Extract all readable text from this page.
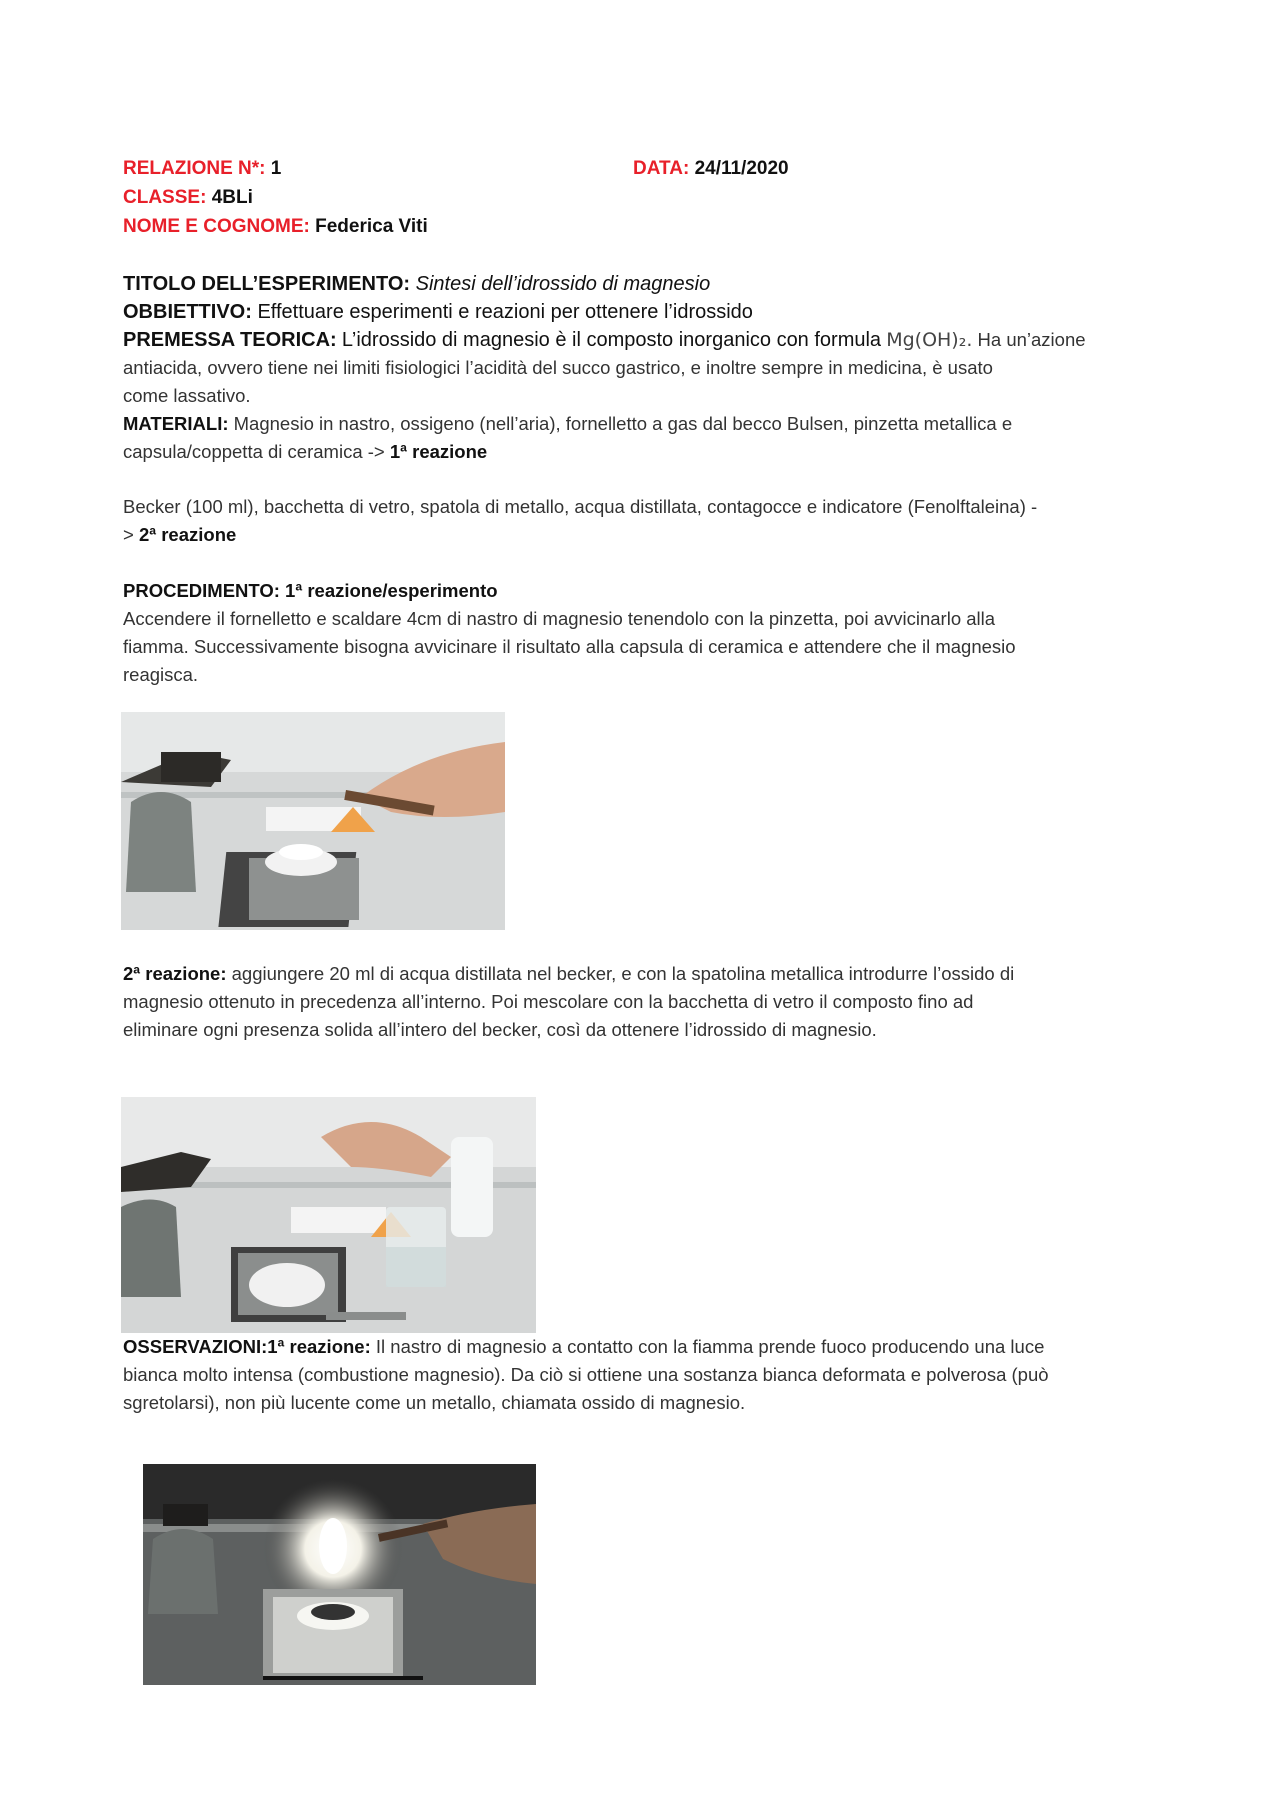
RELAZIONE N*: 1	DATA: 24/11/2020
CLASSE: 4BLi
NOME E COGNOME: Federica Viti
TITOLO DELL’ESPERIMENTO: Sintesi dell’idrossido di magnesio
OBBIETTIVO: Effettuare esperimenti e reazioni per ottenere l’idrossido
PREMESSA TEORICA: L’idrossido di magnesio è il composto inorganico con formula Mg(OH)₂. Ha un’azione
antiacida, ovvero tiene nei limiti fisiologici l’acidità del succo gastrico, e inoltre sempre in medicina, è usato
come lassativo.
MATERIALI: Magnesio in nastro, ossigeno (nell’aria), fornelletto a gas dal becco Bulsen, pinzetta metallica e
capsula/coppetta di ceramica -> 1ª reazione
Becker (100 ml), bacchetta di vetro, spatola di metallo, acqua distillata, contagocce e indicatore (Fenolftaleina) -
> 2ª reazione
PROCEDIMENTO: 1ª reazione/esperimento
Accendere il fornelletto e scaldare 4cm di nastro di magnesio tenendolo con la pinzetta, poi avvicinarlo alla
fiamma. Successivamente bisogna avvicinare il risultato alla capsula di ceramica e attendere che il magnesio
reagisca.
2ª reazione: aggiungere 20 ml di acqua distillata nel becker, e con la spatolina metallica introdurre l’ossido di
magnesio ottenuto in precedenza all’interno. Poi mescolare con la bacchetta di vetro il composto fino ad
eliminare ogni presenza solida all’intero del becker, così da ottenere l’idrossido di magnesio.
OSSERVAZIONI:1ª reazione: Il nastro di magnesio a contatto con la fiamma prende fuoco producendo una luce
bianca molto intensa (combustione magnesio). Da ciò si ottiene una sostanza bianca deformata e polverosa (può
sgretolarsi), non più lucente come un metallo, chiamata ossido di magnesio.
